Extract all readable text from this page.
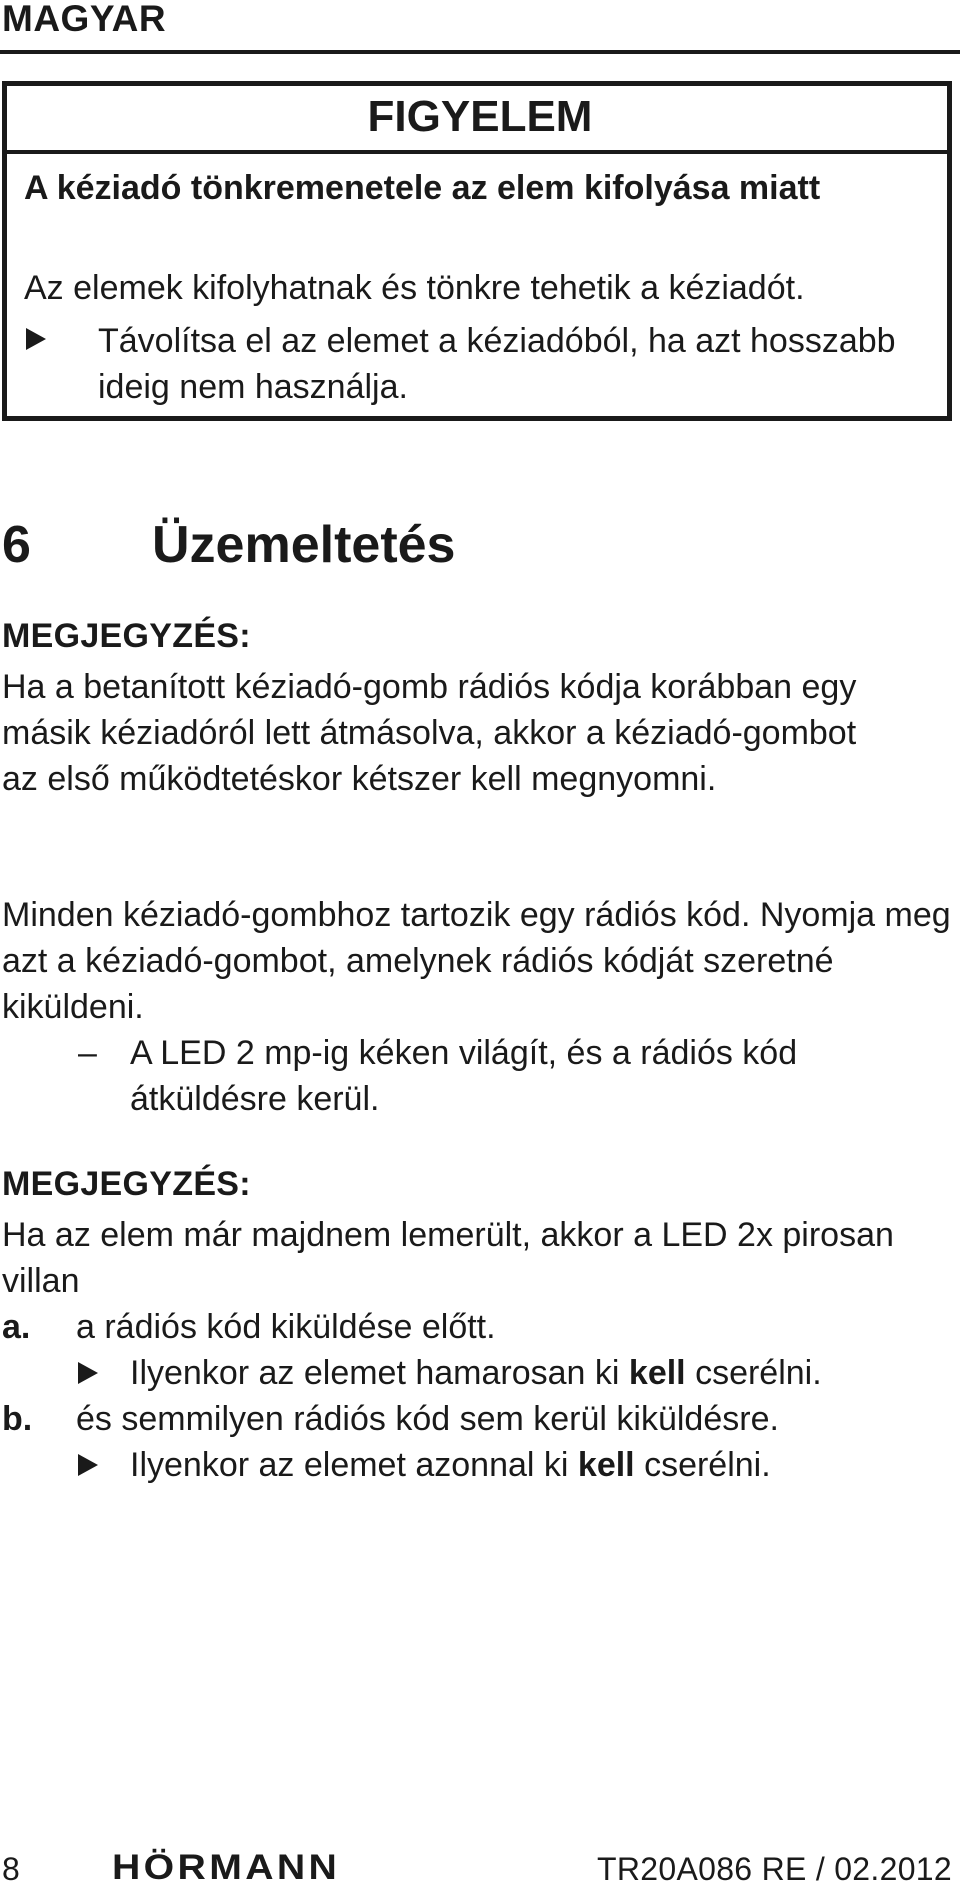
MAGYAR
FIGYELEM
A kéziadó tönkremenetele az elem kifolyása miatt
Az elemek kifolyhatnak és tönkre tehetik a kéziadót.
Távolítsa el az elemet a kéziadóból, ha azt hosszabb ideig nem használja.
6 Üzemeltetés
MEGJEGYZÉS:
Ha a betanított kéziadó-gomb rádiós kódja korábban egy másik kéziadóról lett átmásolva, akkor a kéziadó-gombot az első működtetéskor kétszer kell megnyomni.
Minden kéziadó-gombhoz tartozik egy rádiós kód. Nyomja meg azt a kéziadó-gombot, amelynek rádiós kódját szeretné kiküldeni.
– A LED 2 mp-ig kéken világít, és a rádiós kód átküldésre kerül.
MEGJEGYZÉS:
Ha az elem már majdnem lemerült, akkor a LED 2x pirosan villan
a. a rádiós kód kiküldése előtt.
Ilyenkor az elemet hamarosan ki kell cserélni.
b. és semmilyen rádiós kód sem kerül kiküldésre.
Ilyenkor az elemet azonnal ki kell cserélni.
8	HÖRMANN	TR20A086 RE / 02.2012
